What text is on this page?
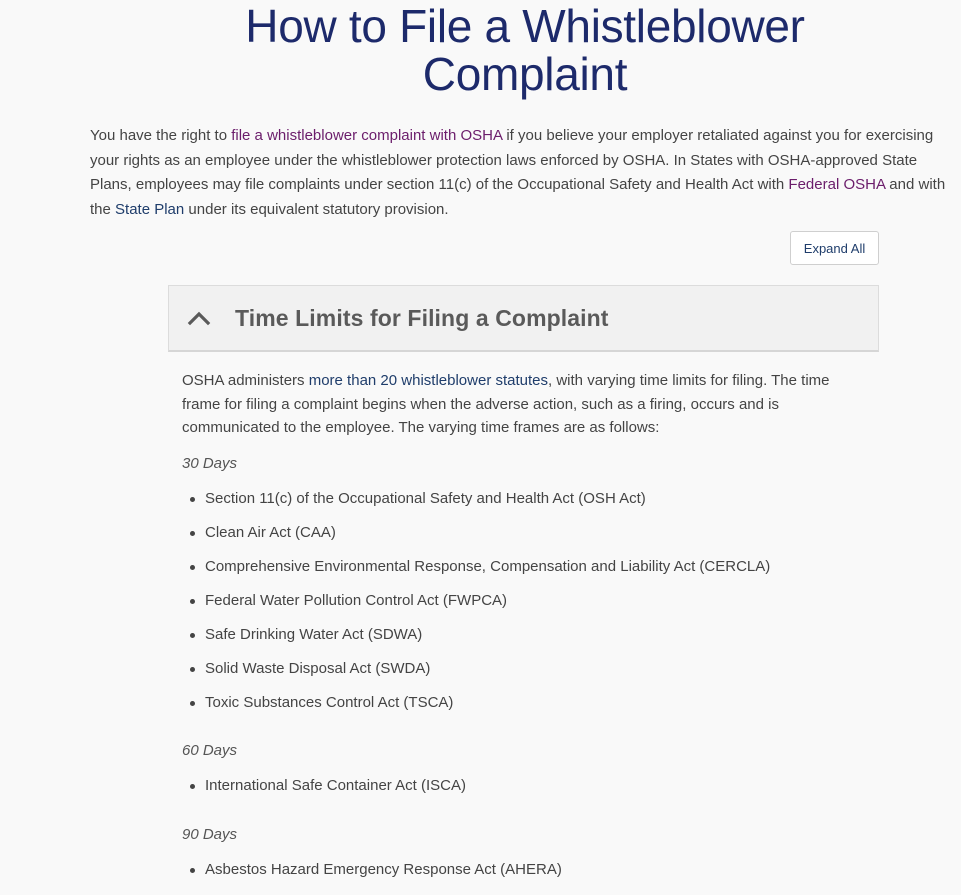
How to File a Whistleblower Complaint

You have the right to file a whistleblower complaint with OSHA if you believe your employer retaliated against you for exercising your rights as an employee under the whistleblower protection laws enforced by OSHA. In States with OSHA-approved State Plans, employees may file complaints under section 11(c) of the Occupational Safety and Health Act with Federal OSHA and with the State Plan under its equivalent statutory provision.

Expand All
Time Limits for Filing a Complaint

OSHA administers more than 20 whistleblower statutes, with varying time limits for filing. The time frame for filing a complaint begins when the adverse action, such as a firing, occurs and is communicated to the employee. The varying time frames are as follows:

30 Days

Section 11(c) of the Occupational Safety and Health Act (OSH Act)
Clean Air Act (CAA)
Comprehensive Environmental Response, Compensation and Liability Act (CERCLA)
Federal Water Pollution Control Act (FWPCA)
Safe Drinking Water Act (SDWA)
Solid Waste Disposal Act (SWDA)
Toxic Substances Control Act (TSCA)

60 Days

International Safe Container Act (ISCA)

90 Days

Asbestos Hazard Emergency Response Act (AHERA)
